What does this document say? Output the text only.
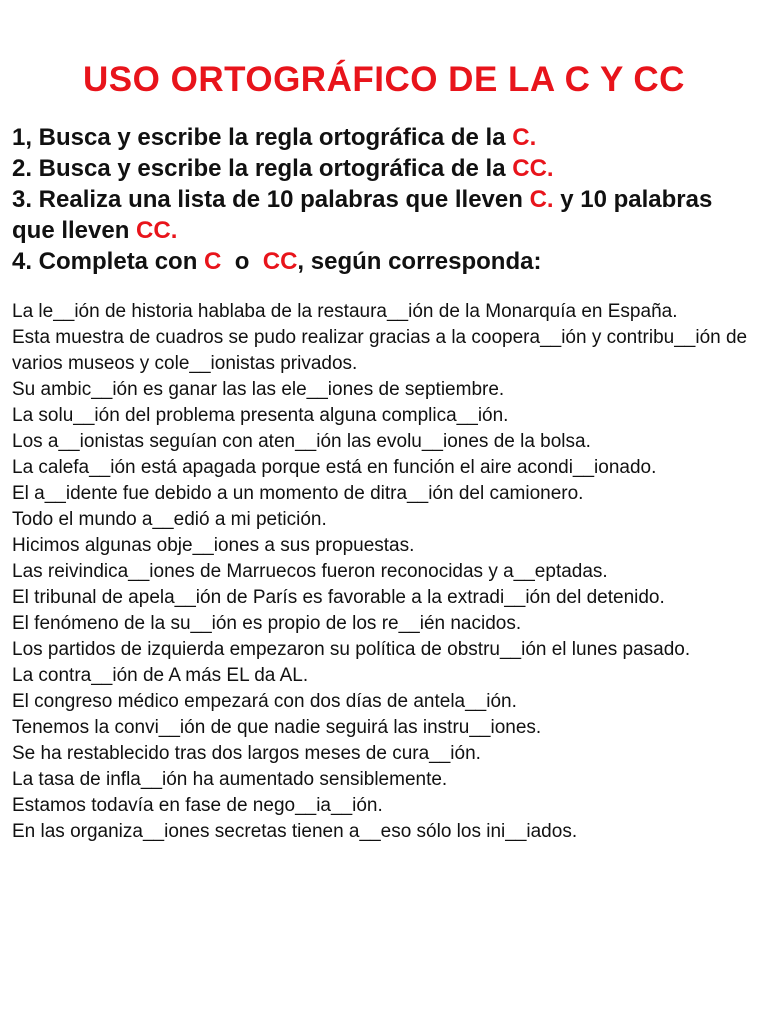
USO ORTOGRÁFICO DE LA C Y CC
1, Busca y escribe la regla ortográfica de la C.
2. Busca y escribe la regla ortográfica de la CC.
3. Realiza una lista de 10 palabras que lleven C. y 10 palabras que lleven CC.
4. Completa con C  o  CC, según corresponda:

La le__ión de historia hablaba de la restaura__ión de la Monarquía en España.

Esta muestra de cuadros se pudo realizar gracias a la coopera__ión y contribu__ión de varios museos y cole__ionistas privados.

Su ambic__ión es ganar las las ele__iones de septiembre.

La solu__ión del problema presenta alguna complica__ión.

Los a__ionistas seguían con aten__ión las evolu__iones de la bolsa.

La calefa__ión está apagada porque está en función el aire acondi__ionado.

El a__idente fue debido a un momento de ditra__ión del camionero.

Todo el mundo a__edió a mi petición.

Hicimos algunas obje__iones a sus propuestas.

Las reivindica__iones de Marruecos fueron reconocidas y a__eptadas.

El tribunal de apela__ión de París es favorable a la extradi__ión del detenido.

El fenómeno de la su__ión es propio de los re__ién nacidos.

Los partidos de izquierda empezaron su política de obstru__ión el lunes pasado.

La contra__ión de A más EL da AL.

El congreso médico empezará con dos días de antela__ión.

Tenemos la convi__ión de que nadie seguirá las instru__iones.

Se ha restablecido tras dos largos meses de cura__ión.

La tasa de infla__ión ha aumentado sensiblemente.

Estamos todavía en fase de nego__ia__ión.

En las organiza__iones secretas tienen a__eso sólo los ini__iados.
